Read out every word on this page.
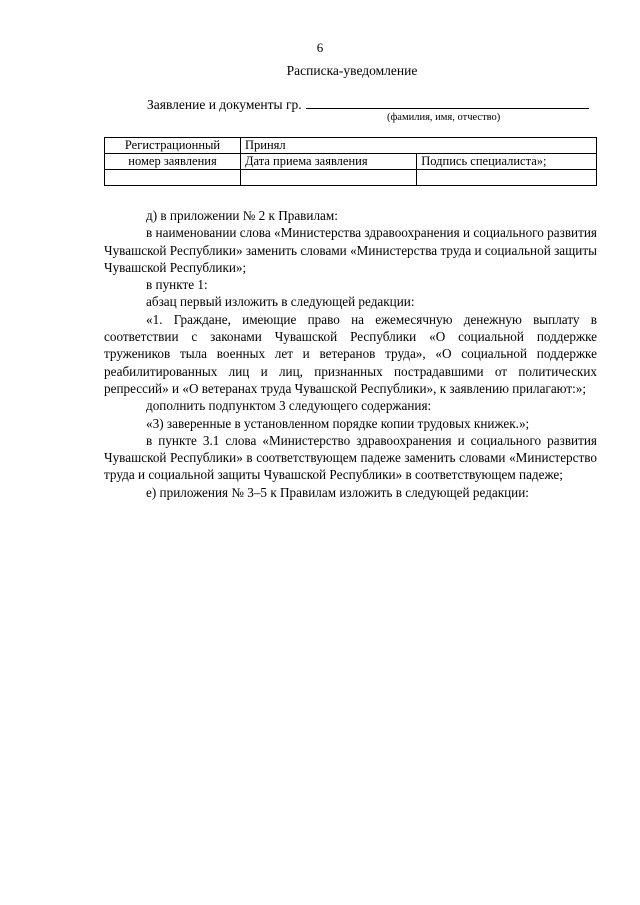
6
Расписка-уведомление
Заявление и документы гр.
(фамилия, имя, отчество)
Регистрационный	Принял	
номер заявления	Дата приема заявления	Подпись специалиста»;

д) в приложении № 2 к Правилам:

в наименовании слова «Министерства здравоохранения и социального развития Чувашской Республики» заменить словами «Министерства труда и социальной защиты Чувашской Республики»;

в пункте 1:

абзац первый изложить в следующей редакции:

«1. Граждане, имеющие право на ежемесячную денежную выплату в соответствии с законами Чувашской Республики «О социальной поддержке тружеников тыла военных лет и ветеранов труда», «О социальной поддержке реабилитированных лиц и лиц, признанных пострадавшими от политических репрессий» и «О ветеранах труда Чувашской Республики», к заявлению прилагают:»;

дополнить подпунктом 3 следующего содержания:

«3) заверенные в установленном порядке копии трудовых книжек.»;

в пункте 3.1 слова «Министерство здравоохранения и социального развития Чувашской Республики» в соответствующем падеже заменить словами «Министерство труда и социальной защиты Чувашской Республики» в соответствующем падеже;

е) приложения № 3–5 к Правилам изложить в следующей редакции:
